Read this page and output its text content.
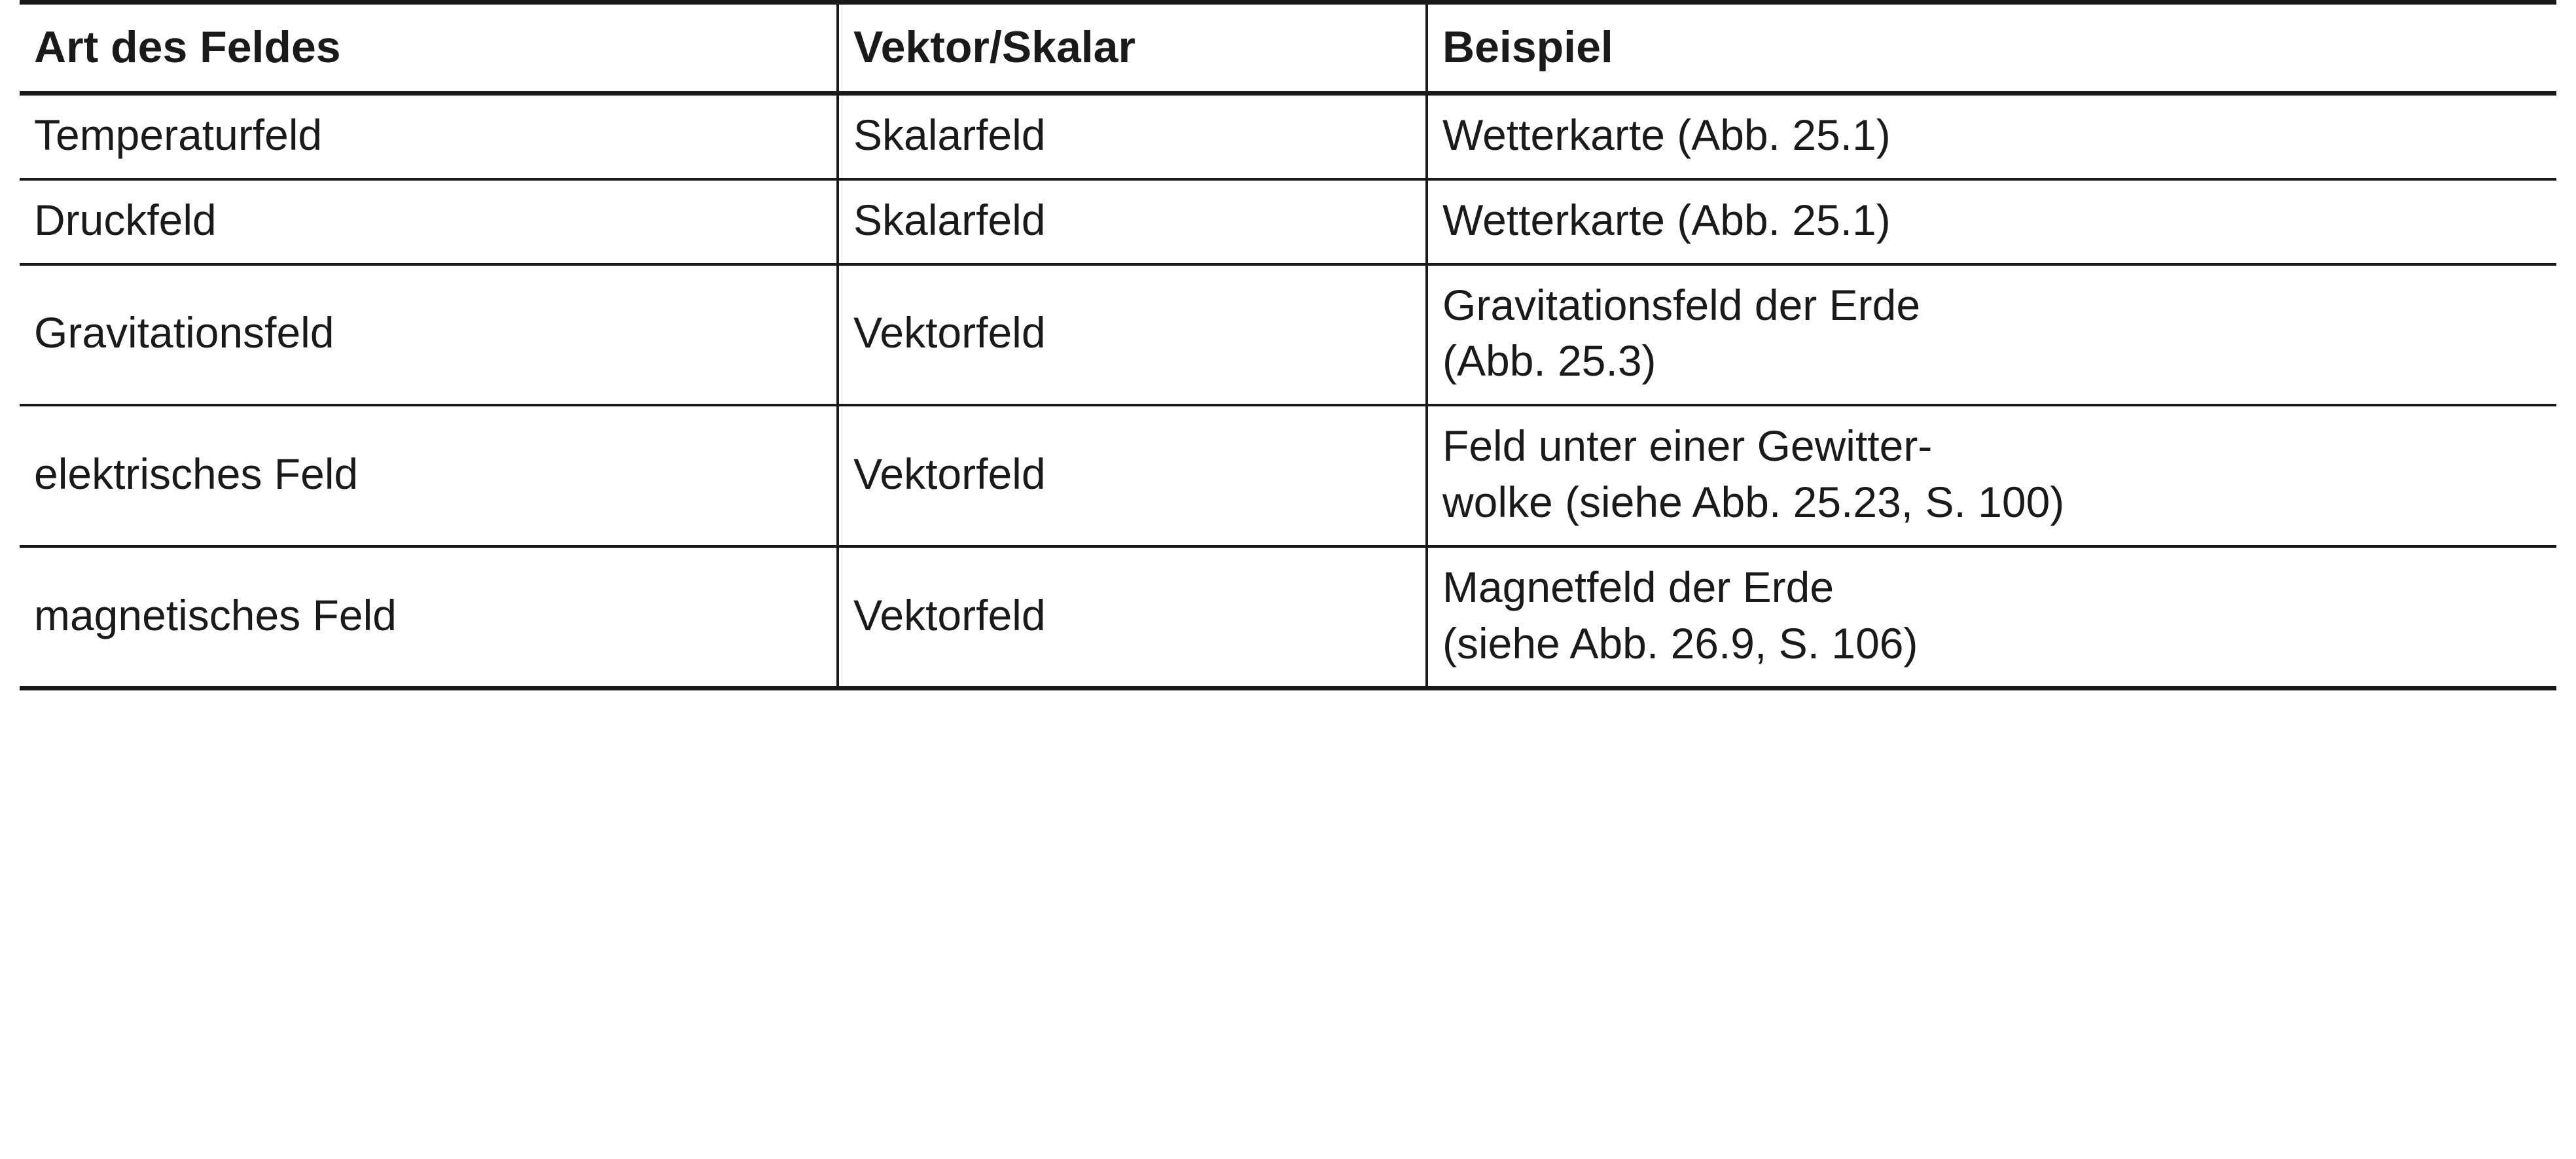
Art des Feldes	Vektor/Skalar	Beispiel
Temperaturfeld	Skalarfeld	Wetterkarte (Abb. 25.1)

Druckfeld	Skalarfeld	Wetterkarte (Abb. 25.1)

Gravitationsfeld	Vektorfeld	Gravitationsfeld der Erde
(Abb. 25.3)

elektrisches Feld	Vektorfeld	Feld unter einer Gewitter-
wolke (siehe Abb. 25.23, S. 100)

magnetisches Feld	Vektorfeld	Magnetfeld der Erde
(siehe Abb. 26.9, S. 106)
